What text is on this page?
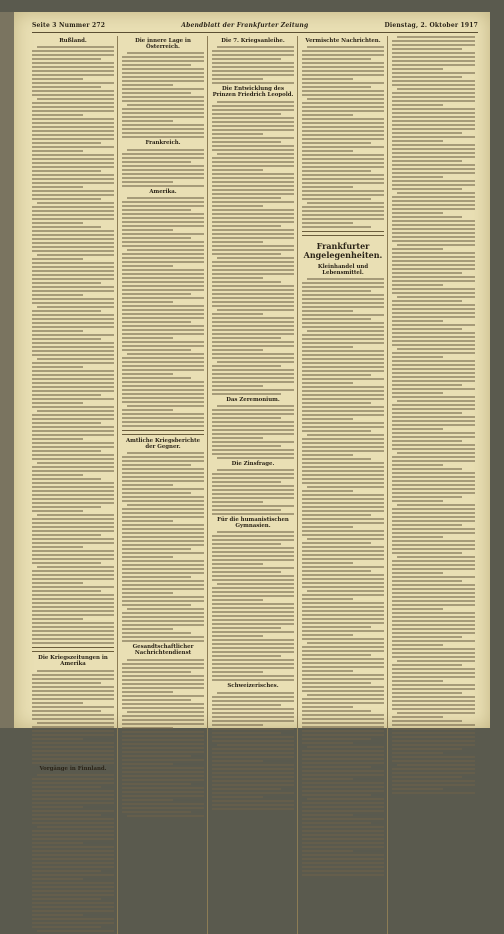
Seite 3 Nummer 272	Abendblatt der Frankfurter Zeitung	Dienstag, 2. Oktober 1917
Rußland.
Die Kriegszeitungen in Amerika
Vorgänge in Finnland.
Die innere Lage in Österreich.
Frankreich.
Amerika.
Amtliche Kriegsberichte der Gegner.
Gesandtschaftlicher Nachrichtendienst
Die 7. Kriegsanleihe.
Die Entwicklung des Prinzen Friedrich Leopold.
Das Zeremonium.
Die Zinsfrage.
Für die humanistischen Gymnasien.
Schweizerisches.
Vermischte Nachrichten.
Frankfurter Angelegenheiten.
Kleinhandel und Lebensmittel.
